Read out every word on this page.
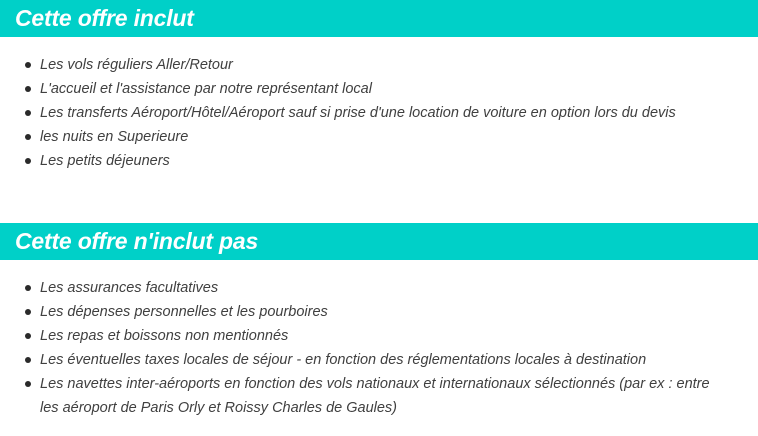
Cette offre inclut
Les vols réguliers Aller/Retour
L'accueil et l'assistance par notre représentant local
Les transferts Aéroport/Hôtel/Aéroport sauf si prise d'une location de voiture en option lors du devis
les nuits en Superieure
Les petits déjeuners
Cette offre n'inclut pas
Les assurances facultatives
Les dépenses personnelles et les pourboires
Les repas et boissons non mentionnés
Les éventuelles taxes locales de séjour - en fonction des réglementations locales à destination
Les navettes inter-aéroports en fonction des vols nationaux et internationaux sélectionnés (par ex : entre les aéroport de Paris Orly et Roissy Charles de Gaules)
